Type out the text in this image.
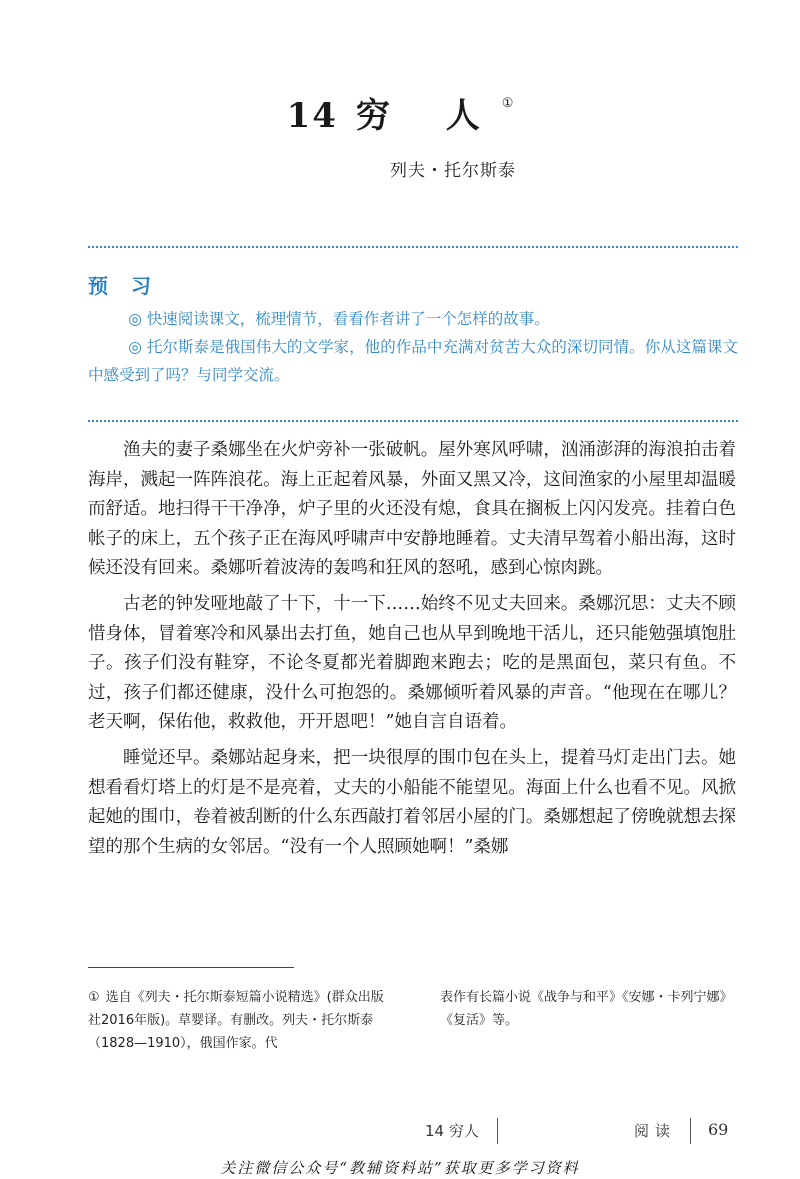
14 穷 人①
列夫・托尔斯泰
预 习

◎ 快速阅读课文，梳理情节，看看作者讲了一个怎样的故事。

◎ 托尔斯泰是俄国伟大的文学家，他的作品中充满对贫苦大众的深切同情。你从这篇课文中感受到了吗？与同学交流。

渔夫的妻子桑娜坐在火炉旁补一张破帆。屋外寒风呼啸，汹涌澎湃的海浪拍击着海岸，溅起一阵阵浪花。海上正起着风暴，外面又黑又冷，这间渔家的小屋里却温暖而舒适。地扫得干干净净，炉子里的火还没有熄，食具在搁板上闪闪发亮。挂着白色帐子的床上，五个孩子正在海风呼啸声中安静地睡着。丈夫清早驾着小船出海，这时候还没有回来。桑娜听着波涛的轰鸣和狂风的怒吼，感到心惊肉跳。

古老的钟发哑地敲了十下，十一下……始终不见丈夫回来。桑娜沉思：丈夫不顾惜身体，冒着寒冷和风暴出去打鱼，她自己也从早到晚地干活儿，还只能勉强填饱肚子。孩子们没有鞋穿，不论冬夏都光着脚跑来跑去；吃的是黑面包，菜只有鱼。不过，孩子们都还健康，没什么可抱怨的。桑娜倾听着风暴的声音。“他现在在哪儿？老天啊，保佑他，救救他，开开恩吧！”她自言自语着。

睡觉还早。桑娜站起身来，把一块很厚的围巾包在头上，提着马灯走出门去。她想看看灯塔上的灯是不是亮着，丈夫的小船能不能望见。海面上什么也看不见。风掀起她的围巾，卷着被刮断的什么东西敲打着邻居小屋的门。桑娜想起了傍晚就想去探望的那个生病的女邻居。“没有一个人照顾她啊！”桑娜

① 选自《列夫・托尔斯泰短篇小说精选》(群众出版社2016年版)。草婴译。有删改。列夫・托尔斯泰（1828—1910），俄国作家。代
表作有长篇小说《战争与和平》《安娜・卡列宁娜》《复活》等。
14 穷人	阅读	69
关注微信公众号“教辅资料站”获取更多学习资料
